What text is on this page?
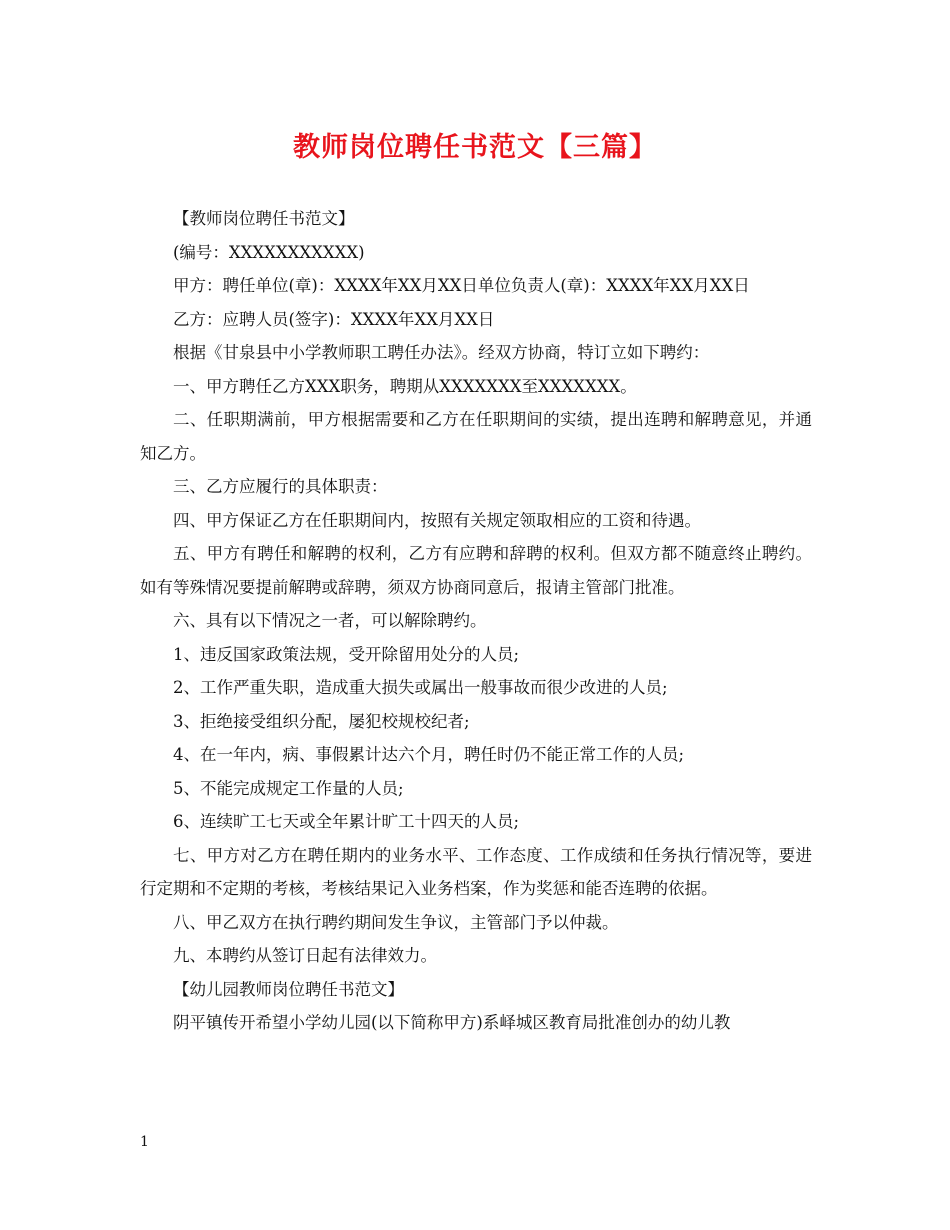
教师岗位聘任书范文【三篇】

【教师岗位聘任书范文】

(编号：XXXXXXXXXXX)

甲方：聘任单位(章)：XXXX年XX月XX日单位负责人(章)：XXXX年XX月XX日

乙方：应聘人员(签字)：XXXX年XX月XX日

根据《甘泉县中小学教师职工聘任办法》。经双方协商，特订立如下聘约：

一、甲方聘任乙方XXX职务，聘期从XXXXXXX至XXXXXXX。

二、任职期满前，甲方根据需要和乙方在任职期间的实绩，提出连聘和解聘意见，并通知乙方。

三、乙方应履行的具体职责：

四、甲方保证乙方在任职期间内，按照有关规定领取相应的工资和待遇。

五、甲方有聘任和解聘的权利，乙方有应聘和辞聘的权利。但双方都不随意终止聘约。如有等殊情况要提前解聘或辞聘，须双方协商同意后，报请主管部门批准。

六、具有以下情况之一者，可以解除聘约。

1、违反国家政策法规，受开除留用处分的人员;

2、工作严重失职，造成重大损失或属出一般事故而很少改进的人员;

3、拒绝接受组织分配，屡犯校规校纪者;

4、在一年内，病、事假累计达六个月，聘任时仍不能正常工作的人员;

5、不能完成规定工作量的人员;

6、连续旷工七天或全年累计旷工十四天的人员;

七、甲方对乙方在聘任期内的业务水平、工作态度、工作成绩和任务执行情况等，要进行定期和不定期的考核，考核结果记入业务档案，作为奖惩和能否连聘的依据。

八、甲乙双方在执行聘约期间发生争议，主管部门予以仲裁。

九、本聘约从签订日起有法律效力。

【幼儿园教师岗位聘任书范文】

阴平镇传开希望小学幼儿园(以下简称甲方)系峄城区教育局批准创办的幼儿教

1
